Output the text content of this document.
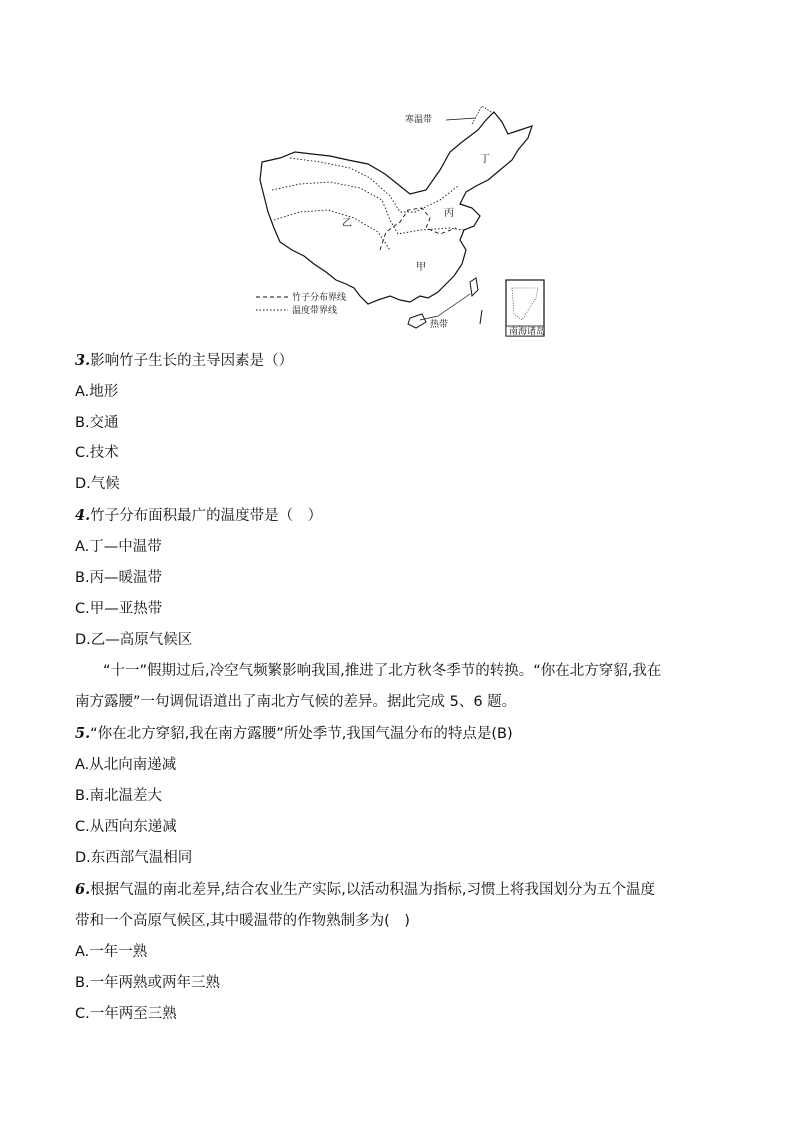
南海诸岛
寒温带
丁
丙
乙
甲
热带
竹子分布界线
温度带界线
3.影响竹子生长的主导因素是（）
A.地形
B.交通
C.技术
D.气候
4.竹子分布面积最广的温度带是（　）
A.丁—中温带
B.丙—暖温带
C.甲—亚热带
D.乙—高原气候区
“十一”假期过后,冷空气频繁影响我国,推进了北方秋冬季节的转换。“你在北方穿貂,我在
南方露腰”一句调侃语道出了南北方气候的差异。据此完成 5、6 题。
5.“你在北方穿貂,我在南方露腰”所处季节,我国气温分布的特点是(B)
A.从北向南递减
B.南北温差大
C.从西向东递减
D.东西部气温相同
6.根据气温的南北差异,结合农业生产实际,以活动积温为指标,习惯上将我国划分为五个温度
带和一个高原气候区,其中暖温带的作物熟制多为(　)
A.一年一熟
B.一年两熟或两年三熟
C.一年两至三熟
